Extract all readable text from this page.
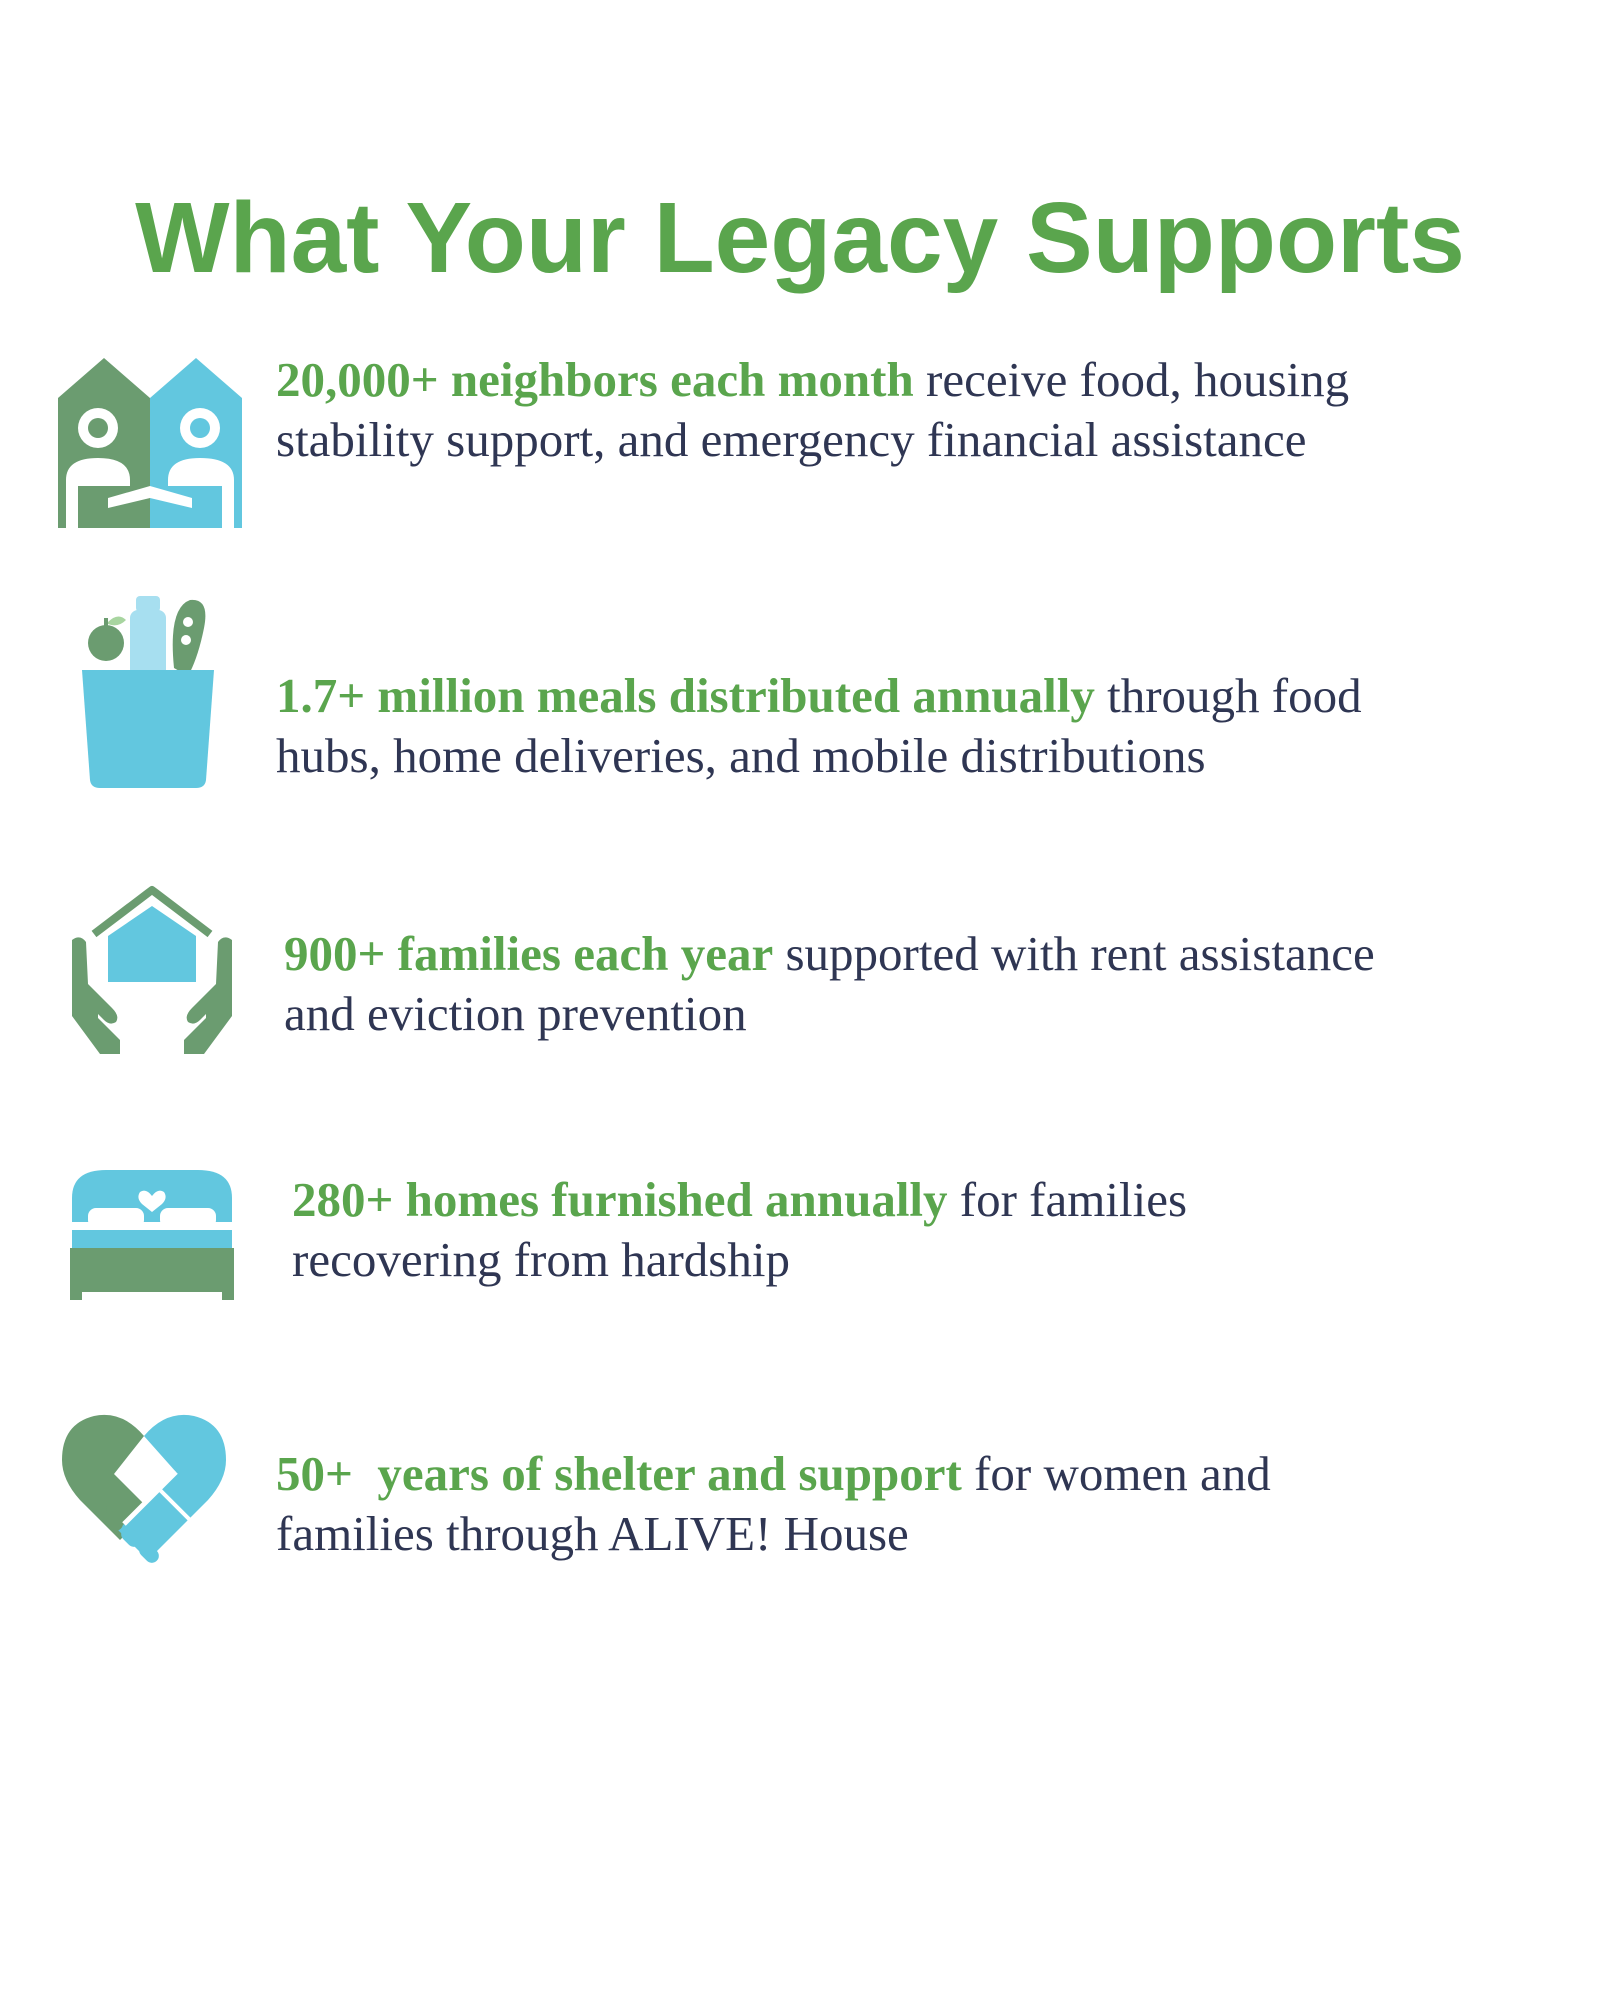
What Your Legacy Supports

20,000+ neighbors each month receive food, housing stability support, and emergency financial assistance

1.7+ million meals distributed annually through food hubs, home deliveries, and mobile distributions

900+ families each year supported with rent assistance and eviction prevention

280+ homes furnished annually for families recovering from hardship

50+  years of shelter and support for women and families through ALIVE! House
